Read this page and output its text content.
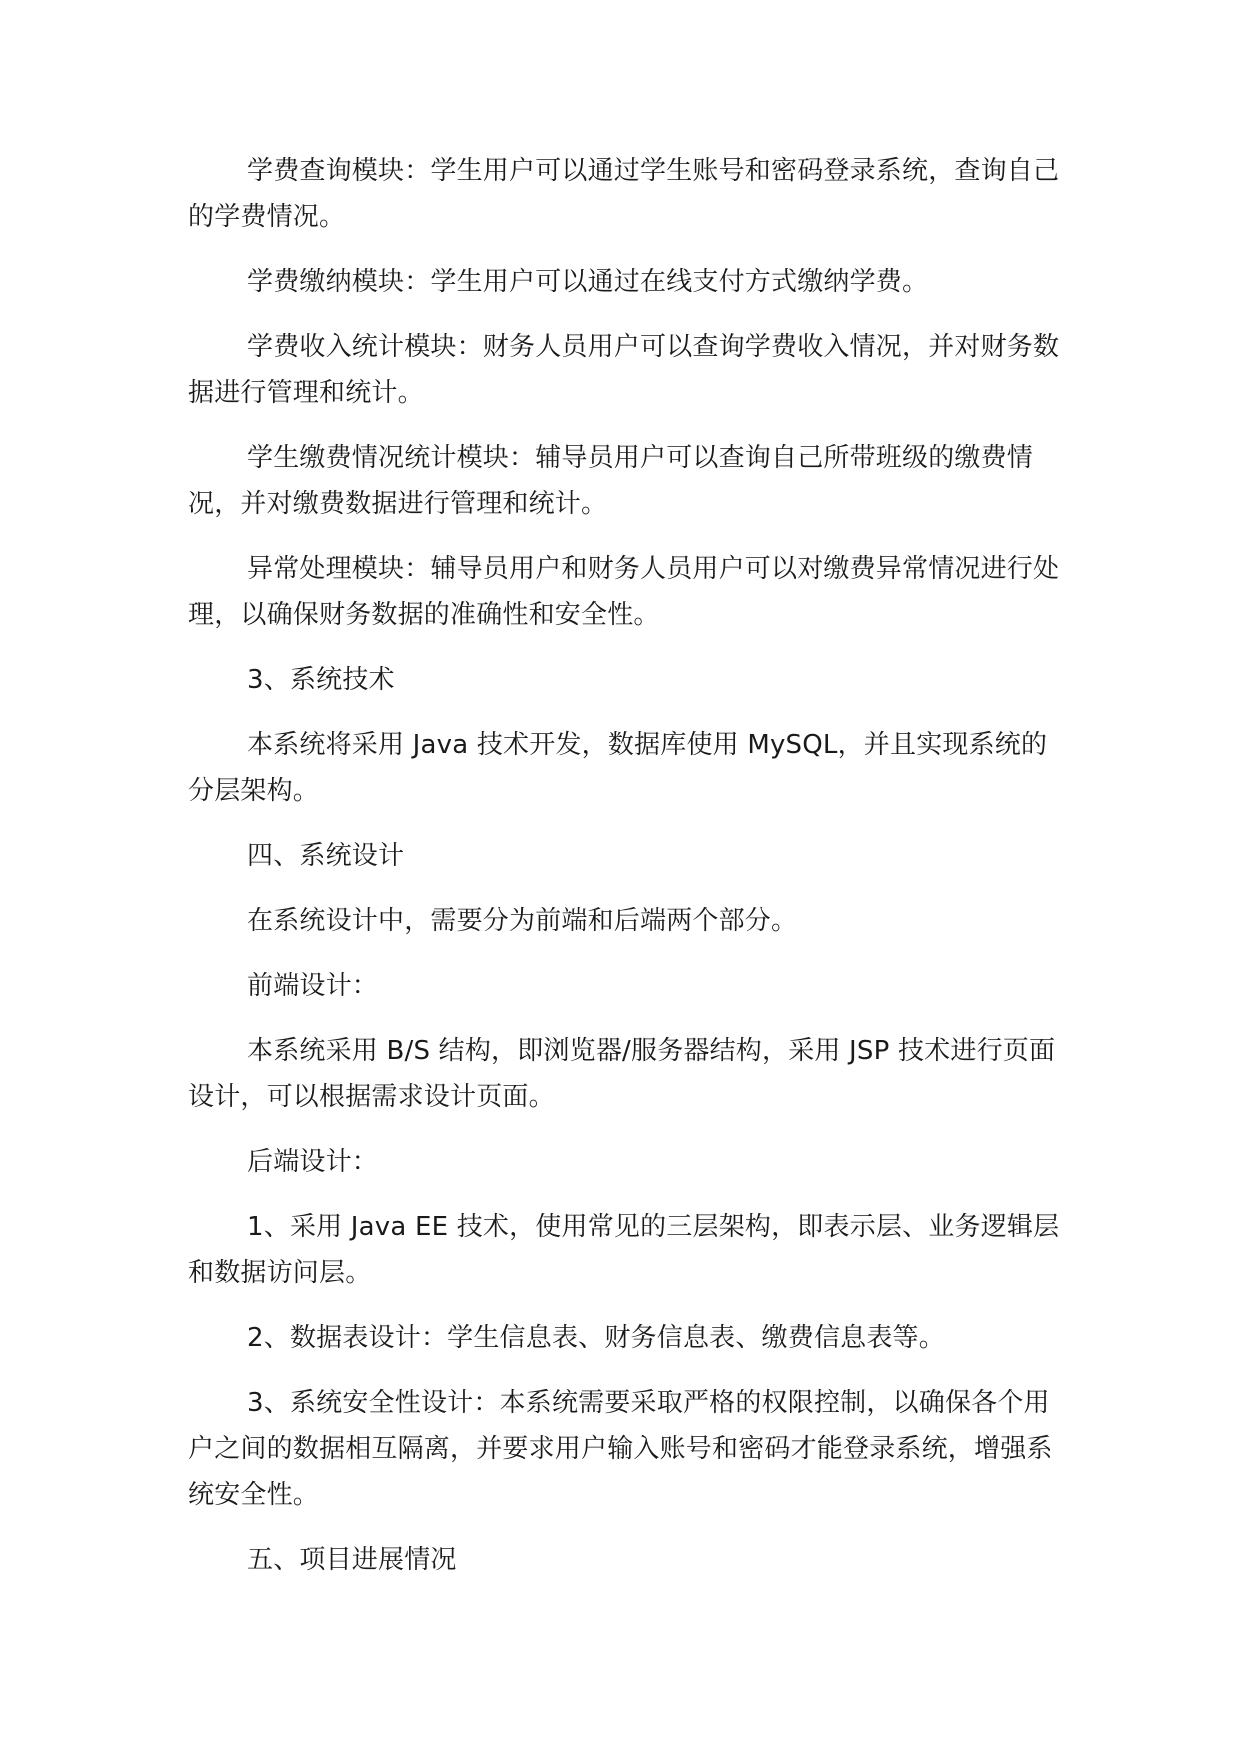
学费查询模块：学生用户可以通过学生账号和密码登录系统，查询自己的学费情况。

学费缴纳模块：学生用户可以通过在线支付方式缴纳学费。

学费收入统计模块：财务人员用户可以查询学费收入情况，并对财务数据进行管理和统计。

学生缴费情况统计模块：辅导员用户可以查询自己所带班级的缴费情况，并对缴费数据进行管理和统计。

异常处理模块：辅导员用户和财务人员用户可以对缴费异常情况进行处理，以确保财务数据的准确性和安全性。

3、系统技术

本系统将采用 Java 技术开发，数据库使用 MySQL，并且实现系统的分层架构。

四、系统设计

在系统设计中，需要分为前端和后端两个部分。

前端设计：

本系统采用 B/S 结构，即浏览器/服务器结构，采用 JSP 技术进行页面设计，可以根据需求设计页面。

后端设计：

1、采用 Java EE 技术，使用常见的三层架构，即表示层、业务逻辑层和数据访问层。

2、数据表设计：学生信息表、财务信息表、缴费信息表等。

3、系统安全性设计：本系统需要采取严格的权限控制，以确保各个用户之间的数据相互隔离，并要求用户输入账号和密码才能登录系统，增强系统安全性。

五、项目进展情况
